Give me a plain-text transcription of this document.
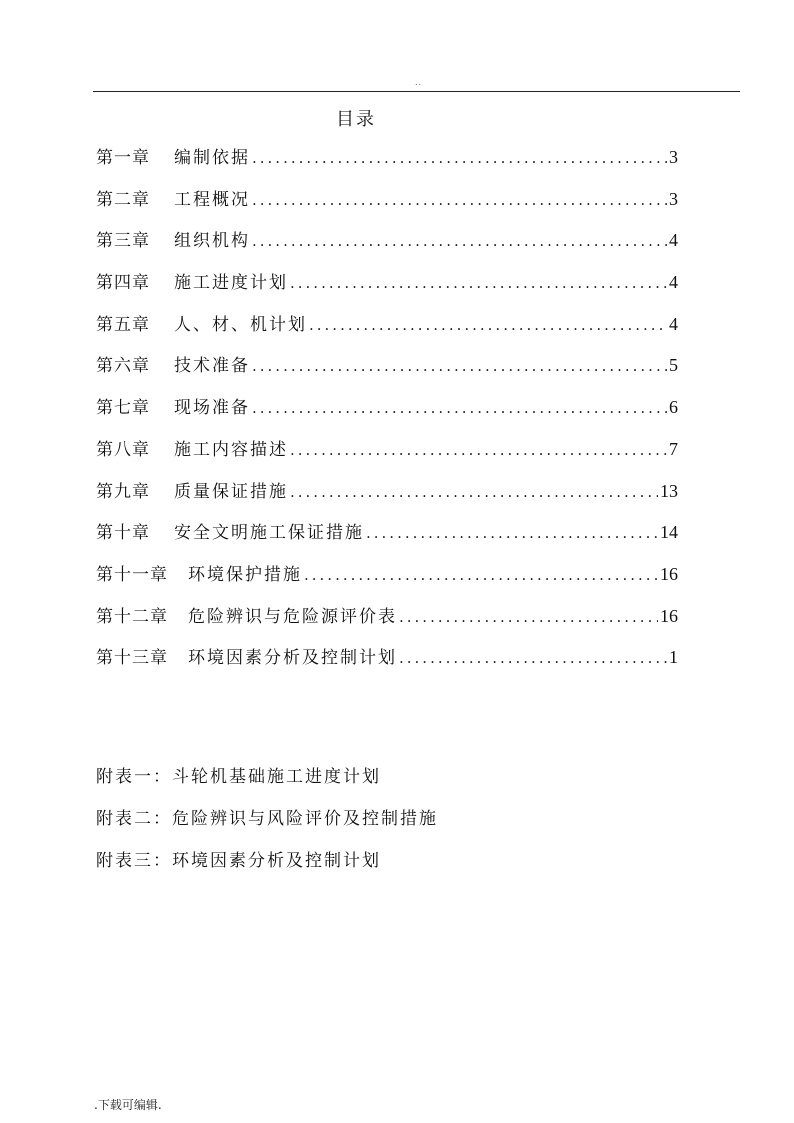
..
目录
第一章 编制依据 .....	3
第二章 工程概况 .....	3
第三章 组织机构 .....	4
第四章 施工进度计划 .....	4
第五章 人、材、机计划 .....	4
第六章 技术准备 .....	5
第七章 现场准备 .....	6
第八章 施工内容描述 .....	7
第九章 质量保证措施 .....	13
第十章 安全文明施工保证措施 .....	14
第十一章 环境保护措施 .....	16
第十二章 危险辨识与危险源评价表 .....	16
第十三章 环境因素分析及控制计划 .....	1
附表一：斗轮机基础施工进度计划
附表二：危险辨识与风险评价及控制措施
附表三：环境因素分析及控制计划
.下载可编辑.
